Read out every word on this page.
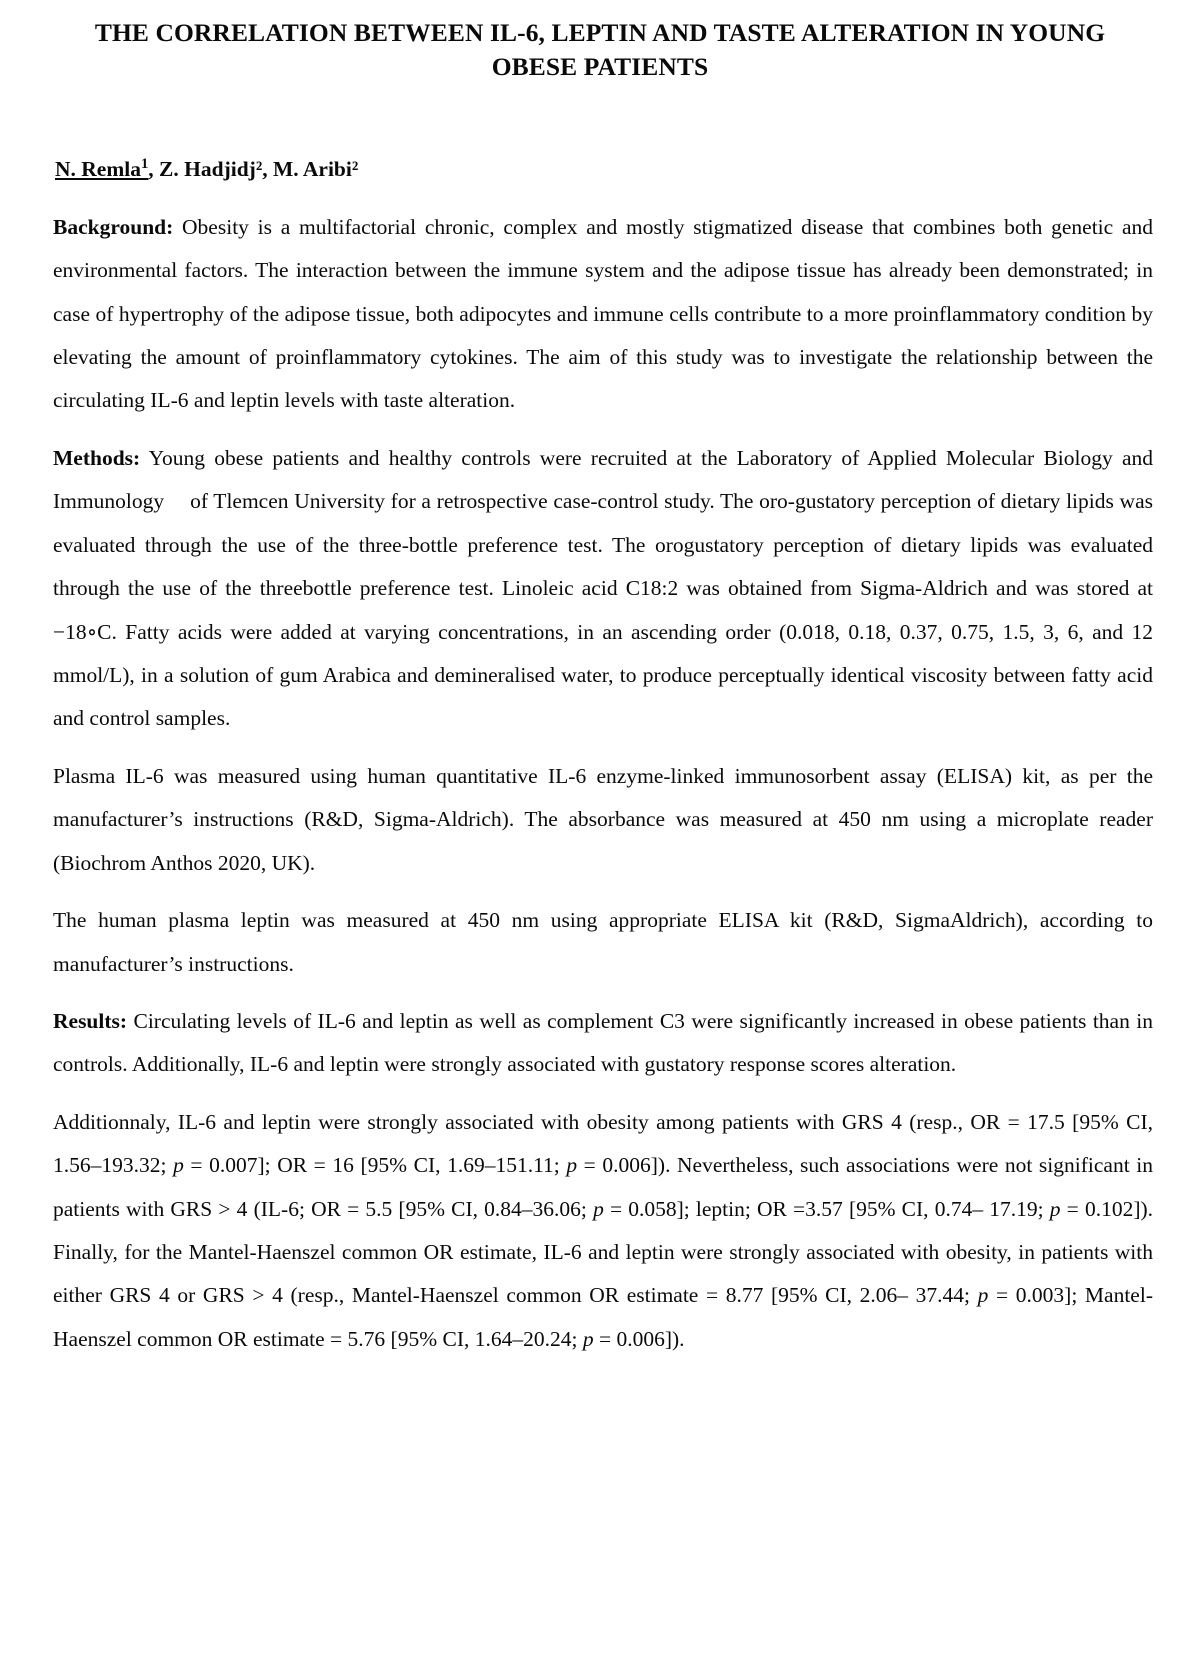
THE CORRELATION BETWEEN IL-6, LEPTIN AND TASTE ALTERATION IN YOUNG OBESE PATIENTS

N. Remla$^1$, Z. Hadjidj², M. Aribi²

Background: Obesity is a multifactorial chronic, complex and mostly stigmatized disease that combines both genetic and environmental factors. The interaction between the immune system and the adipose tissue has already been demonstrated; in case of hypertrophy of the adipose tissue, both adipocytes and immune cells contribute to a more proinflammatory condition by elevating the amount of proinflammatory cytokines. The aim of this study was to investigate the relationship between the circulating IL-6 and leptin levels with taste alteration.

Methods: Young obese patients and healthy controls were recruited at the Laboratory of Applied Molecular Biology and Immunology of Tlemcen University for a retrospective case-control study. The oro-gustatory perception of dietary lipids was evaluated through the use of the three-bottle preference test. The orogustatory perception of dietary lipids was evaluated through the use of the threebottle preference test. Linoleic acid C18:2 was obtained from Sigma-Aldrich and was stored at −18∘C. Fatty acids were added at varying concentrations, in an ascending order (0.018, 0.18, 0.37, 0.75, 1.5, 3, 6, and 12 mmol/L), in a solution of gum Arabica and demineralised water, to produce perceptually identical viscosity between fatty acid and control samples.

Plasma IL-6 was measured using human quantitative IL-6 enzyme-linked immunosorbent assay (ELISA) kit, as per the manufacturer’s instructions (R&D, Sigma-Aldrich). The absorbance was measured at 450 nm using a microplate reader (Biochrom Anthos 2020, UK).

The human plasma leptin was measured at 450 nm using appropriate ELISA kit (R&D, SigmaAldrich), according to manufacturer’s instructions.

Results: Circulating levels of IL-6 and leptin as well as complement C3 were significantly increased in obese patients than in controls. Additionally, IL-6 and leptin were strongly associated with gustatory response scores alteration.

Additionnaly, IL-6 and leptin were strongly associated with obesity among patients with GRS 4 (resp., OR = 17.5 [95% CI, 1.56–193.32; p = 0.007]; OR = 16 [95% CI, 1.69–151.11; p = 0.006]). Nevertheless, such associations were not significant in patients with GRS > 4 (IL-6; OR = 5.5 [95% CI, 0.84–36.06; p = 0.058]; leptin; OR =3.57 [95% CI, 0.74– 17.19; p = 0.102]). Finally, for the Mantel-Haenszel common OR estimate, IL-6 and leptin were strongly associated with obesity, in patients with either GRS 4 or GRS > 4 (resp., Mantel-Haenszel common OR estimate = 8.77 [95% CI, 2.06– 37.44; p = 0.003]; Mantel-Haenszel common OR estimate = 5.76 [95% CI, 1.64–20.24; p = 0.006]).
